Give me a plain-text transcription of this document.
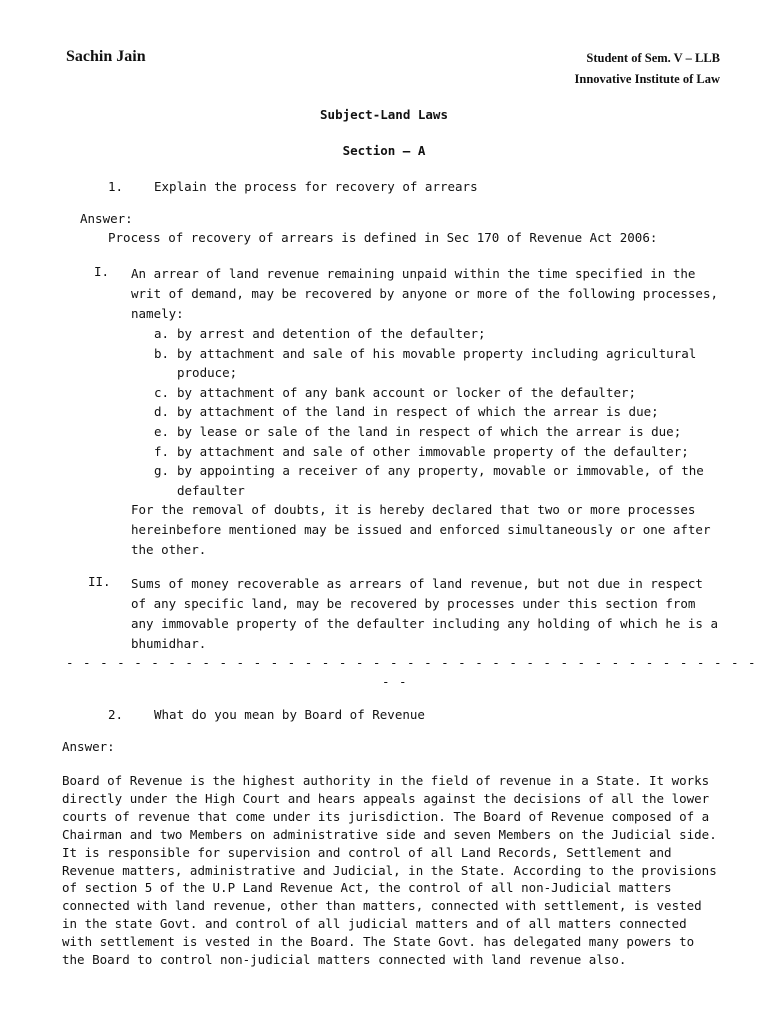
Sachin Jain	Student of Sem. V – LLB
Innovative Institute of Law
Subject-Land Laws
Section – A
1. Explain the process for recovery of arrears
Answer:
Process of recovery of arrears is defined in Sec 170 of Revenue Act 2006:
I. An arrear of land revenue remaining unpaid within the time specified in the
writ of demand, may be recovered by anyone or more of the following processes,
namely:
a. by arrest and detention of the defaulter;
b. by attachment and sale of his movable property including agricultural
produce;
c. by attachment of any bank account or locker of the defaulter;
d. by attachment of the land in respect of which the arrear is due;
e. by lease or sale of the land in respect of which the arrear is due;
f. by attachment and sale of other immovable property of the defaulter;
g. by appointing a receiver of any property, movable or immovable, of the
defaulter
For the removal of doubts, it is hereby declared that two or more processes
hereinbefore mentioned may be issued and enforced simultaneously or one after
the other.
II. Sums of money recoverable as arrears of land revenue, but not due in respect
of any specific land, may be recovered by processes under this section from
any immovable property of the defaulter including any holding of which he is a
bhumidhar.
- - - - - - - - - - - - - - - - - - - - - - - - - - - - - - - - - - - - - - - - -
- -
2. What do you mean by Board of Revenue
Answer:
Board of Revenue is the highest authority in the field of revenue in a State. It works
directly under the High Court and hears appeals against the decisions of all the lower
courts of revenue that come under its jurisdiction. The Board of Revenue composed of a
Chairman and two Members on administrative side and seven Members on the Judicial side.
It is responsible for supervision and control of all Land Records, Settlement and
Revenue matters, administrative and Judicial, in the State. According to the provisions
of section 5 of the U.P Land Revenue Act, the control of all non-Judicial matters
connected with land revenue, other than matters, connected with settlement, is vested
in the state Govt. and control of all judicial matters and of all matters connected
with settlement is vested in the Board. The State Govt. has delegated many powers to
the Board to control non-judicial matters connected with land revenue also.
